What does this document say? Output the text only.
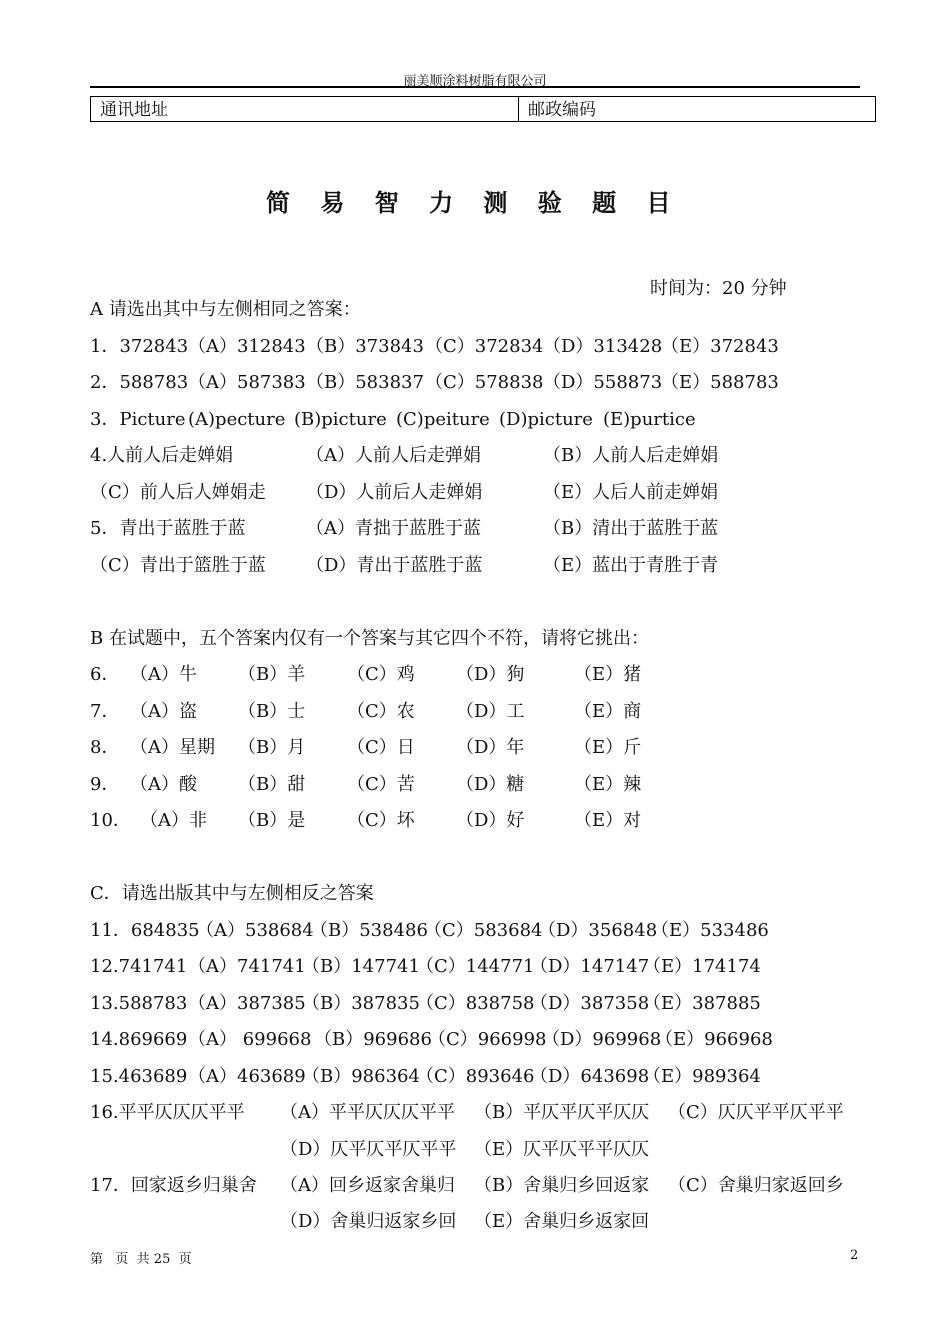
丽美顺涂料树脂有限公司
通讯地址	邮政编码
简 易 智 力 测 验 题 目
时间为：20 分钟
A 请选出其中与左侧相同之答案：
1．372843 （A）312843 （B）373843 （C）372834 （D）313428
（E）372843
2．588783 （A）587383 （B）583837 （C）578838 （D）558873
（E）588783
3．Picture (A)pecture (B)picture (C)peiture (D)picture (E)purtice
4.人前人后走婵娟	（A）人前人后走弹娟	（B）人前人后走婵娟
（C）前人后人婵娟走 （D）人前后人走婵娟	（E）人后人前走婵娟
5．青出于蓝胜于蓝	（A）青拙于蓝胜于蓝	（B）清出于蓝胜于蓝
（C）青出于篮胜于蓝 （D）青出于蓝胜于蓝	（E）蓝出于青胜于青
B 在试题中，五个答案内仅有一个答案与其它四个不符，请将它挑出：
6． （A）牛 （B）羊 （C）鸡 （D）狗	（E）猪
7． （A）盗 （B）士 （C）农 （D）工	（E）商
8． （A）星期 （B）月 （C）日 （D）年	（E）斤
9． （A）酸 （B）甜 （C）苦 （D）糖	（E）辣
10． （A）非 （B）是 （C）坏 （D）好	（E）对
C．请选出版其中与左侧相反之答案
11．684835
（A）538684
（B）538486
（C）583684
（D）356848
（E）533486
12.741741 （A）741741
（B）147741
（C）144771
（D）147147
（E）174174
13.588783 （A）387385
（B）387835
（C）838758
（D）387358
（E）387885
14.869669 （A） 699668 （B）969686
（C）966998
（D）969968
（E）966968
15.463689 （A）463689
（B）986364
（C）893646
（D）643698
（E）989364
16.平平仄仄仄平平 （A）平平仄仄仄平平 （B）平仄平仄平仄仄 （C）仄仄平平仄平平
（D）仄平仄平仄平平 （E）仄平仄平平仄仄
17．回家返乡归巢舍 （A）回乡返家舍巢归 （B）舍巢归乡回返家 （C）舍巢归家返回乡
（D）舍巢归返家乡回 （E）舍巢归乡返家回
第   页  共 25  页	2
